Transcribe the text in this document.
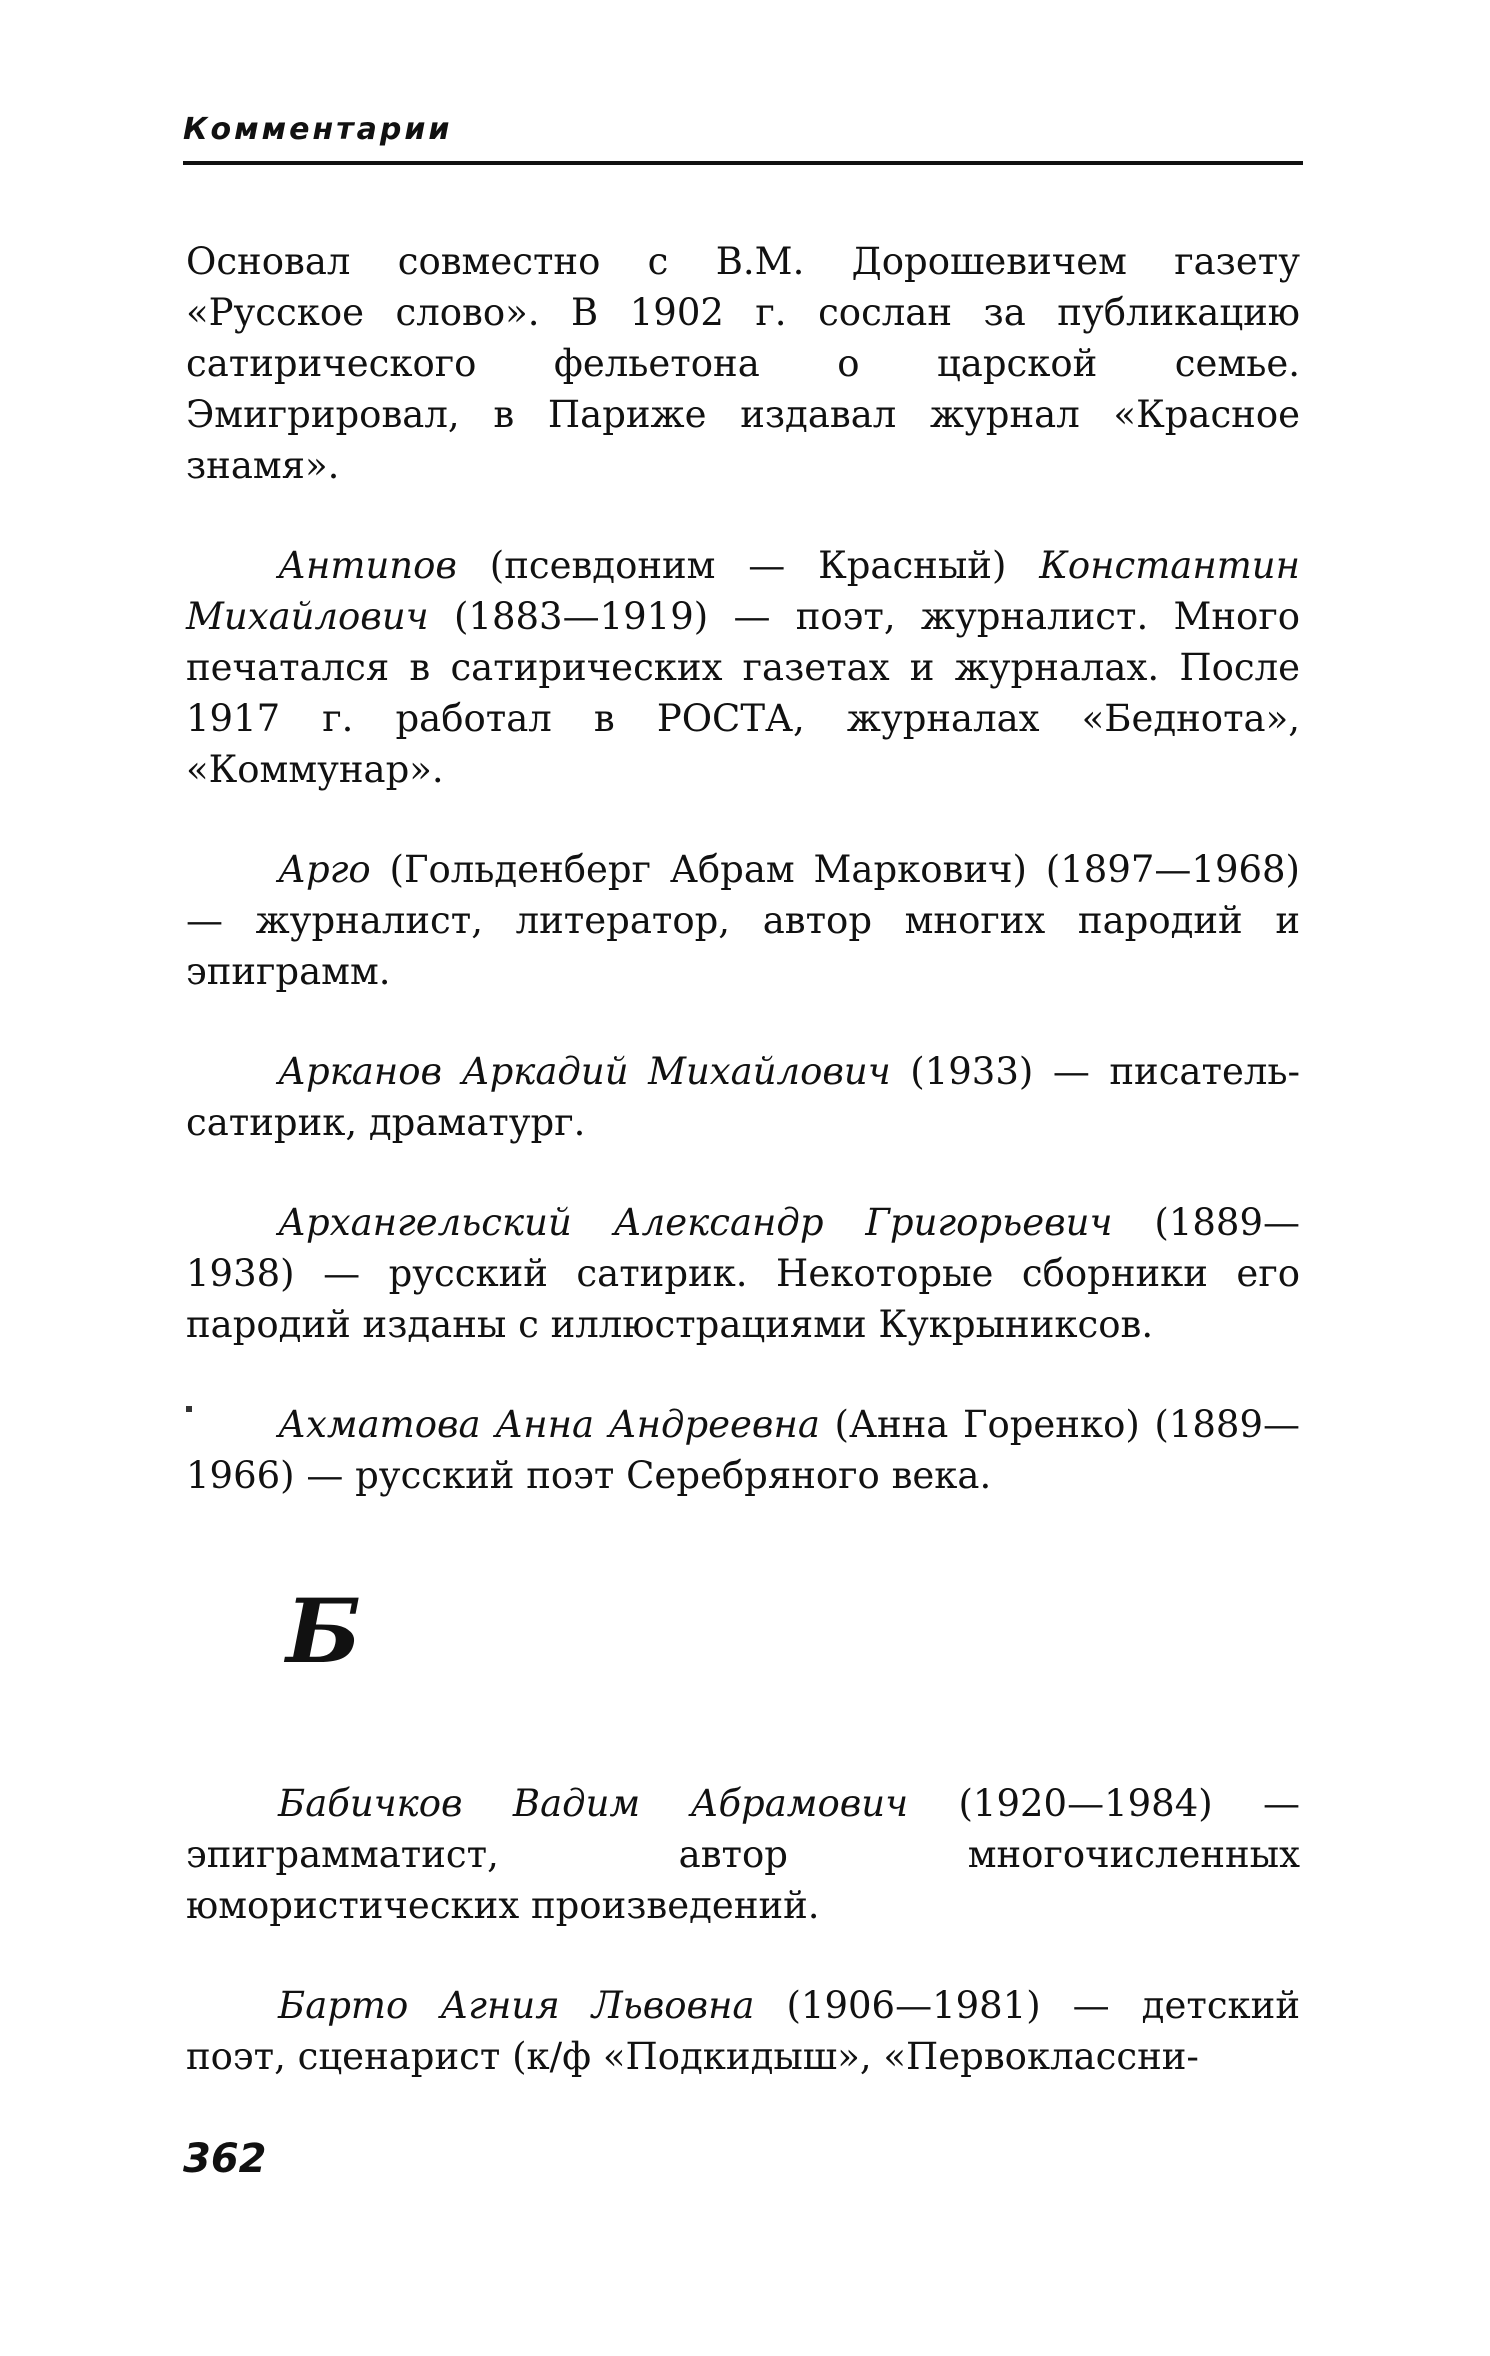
Комментарии

Основал совместно с В.М. Дорошевичем газету «Русское слово». В 1902 г. сослан за публикацию сатирического фельетона о царской семье. Эмигрировал, в Париже издавал журнал «Красное знамя».

Антипов (псевдоним — Красный) Константин Михайлович (1883—1919) — поэт, журналист. Много печатался в сатирических газетах и журналах. После 1917 г. работал в РОСТА, журналах «Беднота», «Коммунар».

Арго (Гольденберг Абрам Маркович) (1897—1968) — журналист, литератор, автор многих пародий и эпиграмм.

Арканов Аркадий Михайлович (1933) — писатель-сатирик, драматург.

Архангельский Александр Григорьевич (1889—1938) — русский сатирик. Некоторые сборники его пародий изданы с иллюстрациями Кукрыниксов.

Ахматова Анна Андреевна (Анна Горенко) (1889—1966) — русский поэт Серебряного века.

Б

Бабичков Вадим Абрамович (1920—1984) — эпиграмматист, автор многочисленных юмористических произведений.

Барто Агния Львовна (1906—1981) — детский поэт, сценарист (к/ф «Подкидыш», «Первоклассни-

362
